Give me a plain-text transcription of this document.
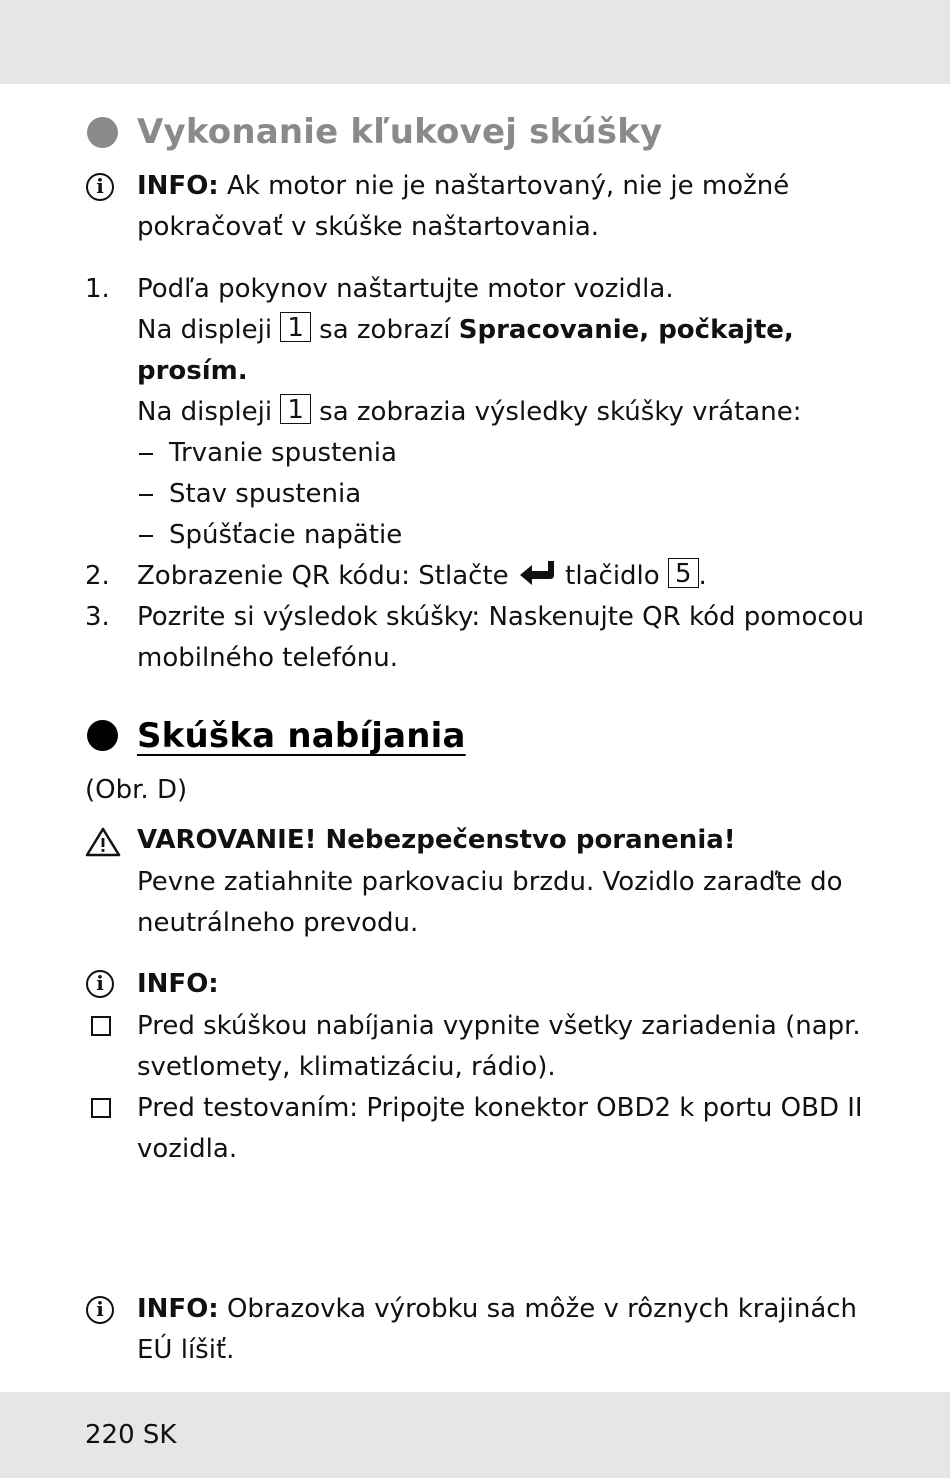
Vykonanie kľukovej skúšky
i	INFO: Ak motor nie je naštartovaný, nie je možné
pokračovať v skúške naštartovania.
1. Podľa pokynov naštartujte motor vozidla.
Na displeji 1 sa zobrazí Spracovanie, počkajte,
prosím.
Na displeji 1 sa zobrazia výsledky skúšky vrátane:
Trvanie spustenia
Stav spustenia
Spúšťacie napätie
2. Zobrazenie QR kódu: Stlačte  tlačidlo 5 .
3. Pozrite si výsledok skúšky: Naskenujte QR kód pomocou
mobilného telefónu.
Skúška nabíjania
(Obr. D)
VAROVANIE! Nebezpečenstvo poranenia!
Pevne zatiahnite parkovaciu brzdu. Vozidlo zaraďte do
neutrálneho prevodu.
i	INFO:
Pred skúškou nabíjania vypnite všetky zariadenia (napr.
svetlomety, klimatizáciu, rádio).
Pred testovaním: Pripojte konektor OBD2 k portu OBD II
vozidla.
i	INFO: Obrazovka výrobku sa môže v rôznych krajinách
EÚ líšiť.
220 SK
